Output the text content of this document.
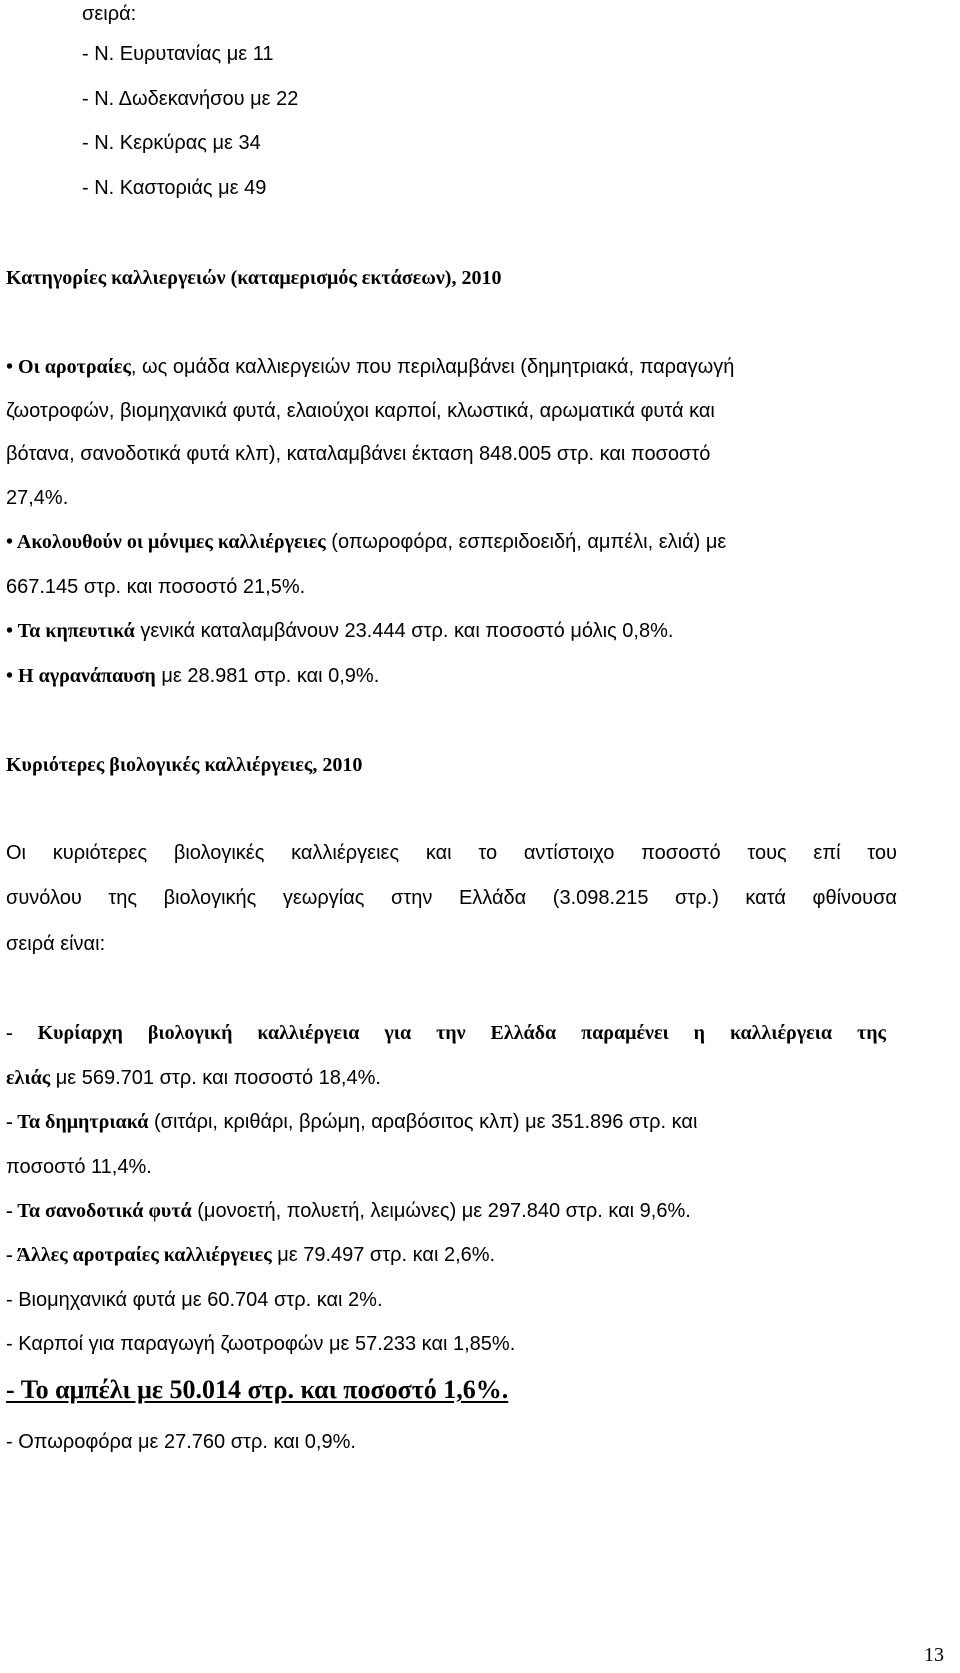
σειρά:
- Ν. Ευρυτανίας με 11
- Ν. Δωδεκανήσου με 22
- Ν. Κερκύρας με 34
- Ν. Καστοριάς με 49
Κατηγορίες καλλιεργειών (καταμερισμός εκτάσεων), 2010
• Οι αροτραίες, ως ομάδα καλλιεργειών που περιλαμβάνει (δημητριακά, παραγωγή
ζωοτροφών, βιομηχανικά φυτά, ελαιούχοι καρποί, κλωστικά, αρωματικά φυτά και
βότανα, σανοδοτικά φυτά κλπ), καταλαμβάνει έκταση 848.005 στρ. και ποσοστό
27,4%.
• Ακολουθούν οι μόνιμες καλλιέργειες (οπωροφόρα, εσπεριδοειδή, αμπέλι, ελιά) με
667.145 στρ. και ποσοστό 21,5%.
• Τα κηπευτικά γενικά καταλαμβάνουν 23.444 στρ. και ποσοστό μόλις 0,8%.
• Η αγρανάπαυση με 28.981 στρ. και 0,9%.
Κυριότερες βιολογικές καλλιέργειες, 2010
Οι κυριότερες βιολογικές καλλιέργειες και το αντίστοιχο ποσοστό τους επί του
συνόλου της βιολογικής γεωργίας στην Ελλάδα (3.098.215 στρ.) κατά φθίνουσα
σειρά είναι:
- Κυρίαρχη βιολογική καλλιέργεια για την Ελλάδα παραμένει η καλλιέργεια της
ελιάς με 569.701 στρ. και ποσοστό 18,4%.
- Τα δημητριακά (σιτάρι, κριθάρι, βρώμη, αραβόσιτος κλπ) με 351.896 στρ. και
ποσοστό 11,4%.
- Τα σανοδοτικά φυτά (μονοετή, πολυετή, λειμώνες) με 297.840 στρ. και 9,6%.
- Άλλες αροτραίες καλλιέργειες με 79.497 στρ. και 2,6%.
- Βιομηχανικά φυτά με 60.704 στρ. και 2%.
- Καρποί για παραγωγή ζωοτροφών με 57.233 και 1,85%.
- Το αμπέλι με 50.014 στρ. και ποσοστό 1,6%.
- Οπωροφόρα με 27.760 στρ. και 0,9%.
13
